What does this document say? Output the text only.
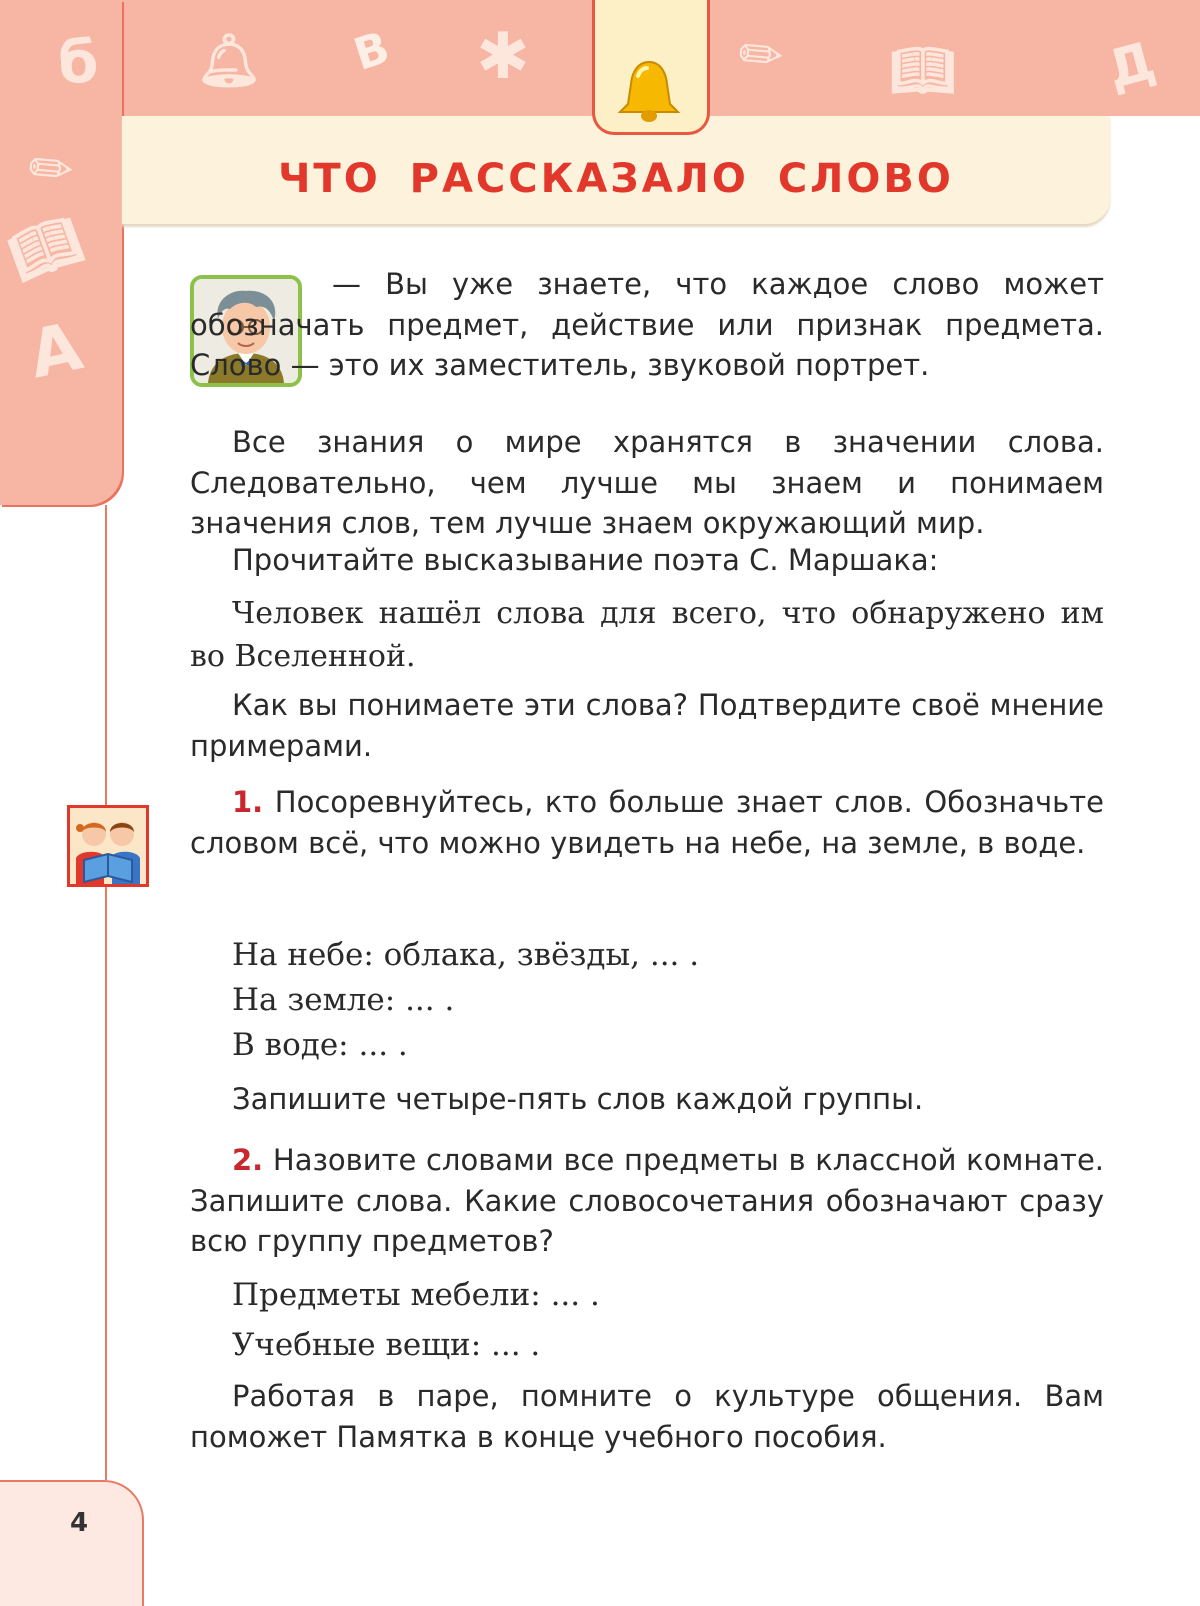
б 🔔︎ В ✱	✎ 📖︎	Д
✎
📖︎
А
ЧТО РАССКАЗАЛО СЛОВО
— Вы уже знаете, что каждое слово может обозначать предмет, действие или признак предмета. Слово — это их заместитель, звуковой портрет.
Все знания о мире хранятся в значении слова. Следовательно, чем лучше мы знаем и понимаем значения слов, тем лучше знаем окружающий мир.
Прочитайте высказывание поэта С. Маршака:
Человек нашёл слова для всего, что обнаружено им во Вселенной.
Как вы понимаете эти слова? Подтвердите своё мнение примерами.
1. Посоревнуйтесь, кто больше знает слов. Обозначьте словом всё, что можно увидеть на небе, на земле, в воде.
На небе: облака, звёзды, ... .
На земле: ... .
В воде: ... .
Запишите четыре-пять слов каждой группы.
2. Назовите словами все предметы в классной комнате. Запишите слова. Какие словосочетания обозначают сразу всю группу предметов?
Предметы мебели: ... .
Учебные вещи: ... .
Работая в паре, помните о культуре общения. Вам поможет Памятка в конце учебного пособия.
4
